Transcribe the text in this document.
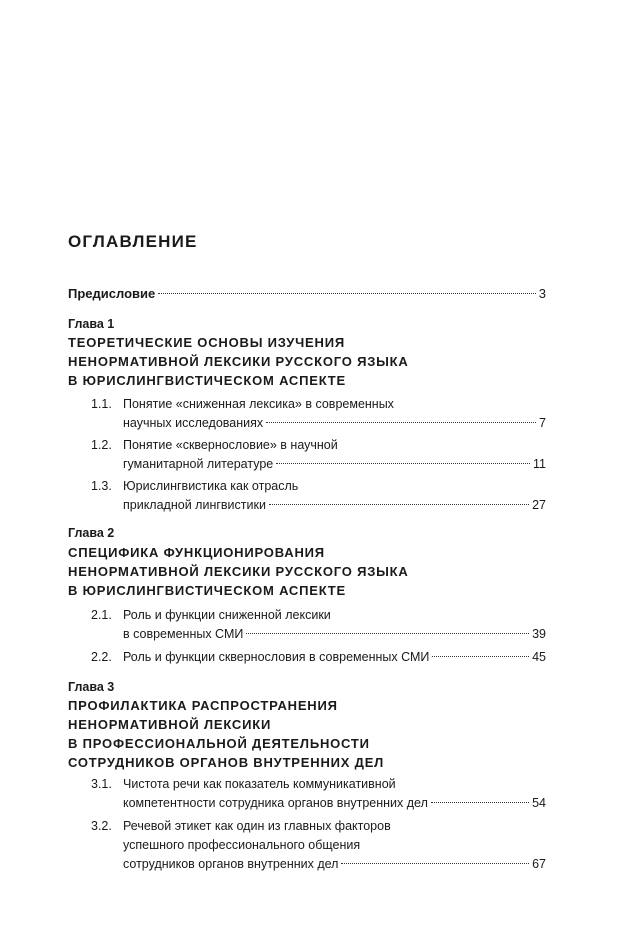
ОГЛАВЛЕНИЕ
Предисловие	3
Глава 1
ТЕОРЕТИЧЕСКИЕ ОСНОВЫ ИЗУЧЕНИЯ
НЕНОРМАТИВНОЙ ЛЕКСИКИ РУССКОГО ЯЗЫКА
В ЮРИСЛИНГВИСТИЧЕСКОМ АСПЕКТЕ
1.1. Понятие «сниженная лексика» в современных
научных исследованиях	7
1.2. Понятие «сквернословие» в научной
гуманитарной литературе	11
1.3. Юрислингвистика как отрасль
прикладной лингвистики	27
Глава 2
СПЕЦИФИКА ФУНКЦИОНИРОВАНИЯ
НЕНОРМАТИВНОЙ ЛЕКСИКИ РУССКОГО ЯЗЫКА
В ЮРИСЛИНГВИСТИЧЕСКОМ АСПЕКТЕ
2.1. Роль и функции сниженной лексики
в современных СМИ	39
2.2. Роль и функции сквернословия в современных СМИ	45
Глава 3
ПРОФИЛАКТИКА РАСПРОСТРАНЕНИЯ
НЕНОРМАТИВНОЙ ЛЕКСИКИ
В ПРОФЕССИОНАЛЬНОЙ ДЕЯТЕЛЬНОСТИ
СОТРУДНИКОВ ОРГАНОВ ВНУТРЕННИХ ДЕЛ
3.1. Чистота речи как показатель коммуникативной
компетентности сотрудника органов внутренних дел	54
3.2. Речевой этикет как один из главных факторов
успешного профессионального общения
сотрудников органов внутренних дел	67
